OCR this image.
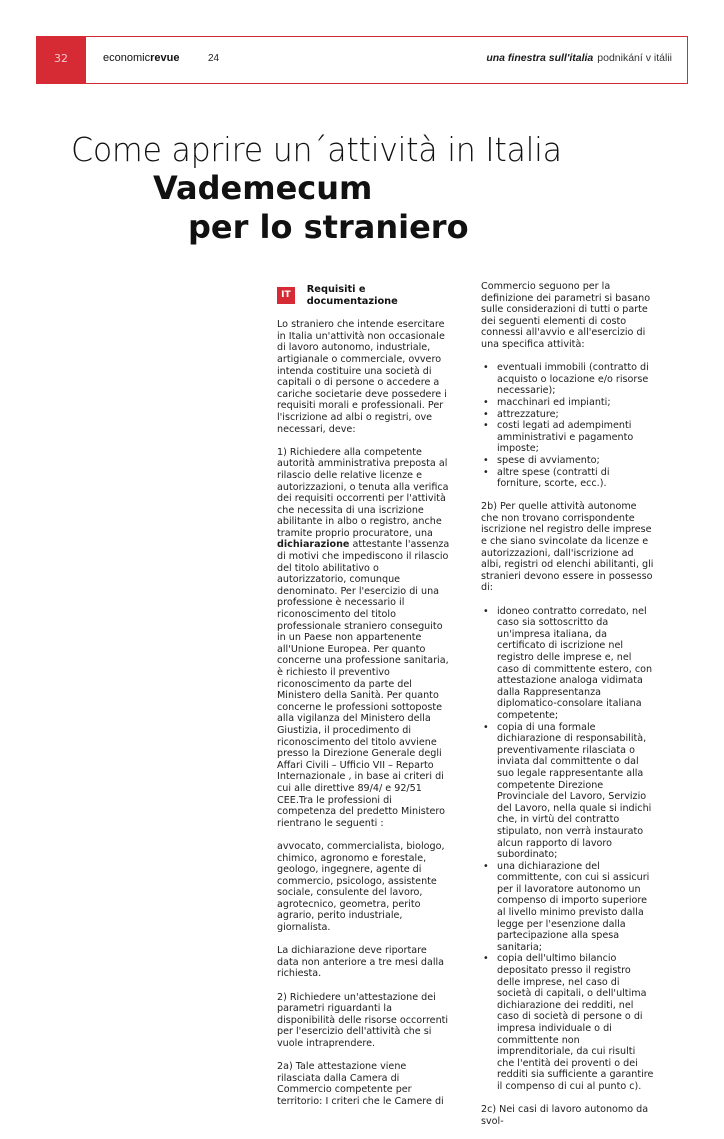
32	economicrevue	24	una finestra sull'italia podnikání v itálii
Come aprire un´attività in Italia
Vademecum
per lo straniero
IT
Requisiti e documentazione

Lo straniero che intende esercitare in Italia un'attività non occasionale di lavoro autonomo, industriale, artigianale o commerciale, ovvero intenda costituire una società di capitali o di persone o accedere a cariche societarie deve possedere i requisiti morali e professionali. Per l'iscrizione ad albi o registri, ove necessari, deve:

1) Richiedere alla competente autorità amministrativa preposta al rilascio delle relative licenze e autorizzazioni, o tenuta alla verifica dei requisiti occorrenti per l'attività che necessita di una iscrizione abilitante in albo o registro, anche tramite proprio procuratore, una dichiarazione attestante l'assenza di motivi che impediscono il rilascio del titolo abilitativo o autorizzatorio, comunque denominato. Per l'esercizio di una professione è necessario il riconoscimento del titolo professionale straniero conseguito in un Paese non appartenente all'Unione Europea. Per quanto concerne una professione sanitaria, è richiesto il preventivo riconoscimento da parte del Ministero della Sanità. Per quanto concerne le professioni sottoposte alla vigilanza del Ministero della Giustizia, il procedimento di riconoscimento del titolo avviene presso la Direzione Generale degli Affari Civili – Ufficio VII – Reparto Internazionale , in base ai criteri di cui alle direttive 89/4/ e 92/51 CEE.Tra le professioni di competenza del predetto Ministero rientrano le seguenti :

avvocato, commercialista, biologo, chimico, agronomo e forestale, geologo, ingegnere, agente di commercio, psicologo, assistente sociale, consulente del lavoro, agrotecnico, geometra, perito agrario, perito industriale, giornalista.

La dichiarazione deve riportare data non anteriore a tre mesi dalla richiesta.

2) Richiedere un'attestazione dei parametri riguardanti la disponibilità delle risorse occorrenti per l'esercizio dell'attività che si vuole intraprendere.

2a) Tale attestazione viene rilasciata dalla Camera di Commercio competente per territorio: I criteri che le Camere di

Commercio seguono per la definizione dei parametri si basano sulle considerazioni di tutti o parte dei seguenti elementi di costo connessi all'avvio e all'esercizio di una specifica attività:

• eventuali immobili (contratto di acquisto o locazione e/o risorse necessarie);
• macchinari ed impianti;
• attrezzature;
• costi legati ad adempimenti amministrativi e pagamento imposte;
• spese di avviamento;
• altre spese (contratti di forniture, scorte, ecc.).

2b) Per quelle attività autonome che non trovano corrispondente iscrizione nel registro delle imprese e che siano svincolate da licenze e autorizzazioni, dall'iscrizione ad albi, registri od elenchi abilitanti, gli stranieri devono essere in possesso di:

• idoneo contratto corredato, nel caso sia sottoscritto da un'impresa italiana, da certificato di iscrizione nel registro delle imprese e, nel caso di committente estero, con attestazione analoga vidimata dalla Rappresentanza diplomatico-consolare italiana competente;
• copia di una formale dichiarazione di responsabilità, preventivamente rilasciata o inviata dal committente o dal suo legale rappresentante alla competente Direzione Provinciale del Lavoro, Servizio del Lavoro, nella quale si indichi che, in virtù del contratto stipulato, non verrà instaurato alcun rapporto di lavoro subordinato;
• una dichiarazione del committente, con cui si assicuri per il lavoratore autonomo un compenso di importo superiore al livello minimo previsto dalla legge per l'esenzione dalla partecipazione alla spesa sanitaria;
• copia dell'ultimo bilancio depositato presso il registro delle imprese, nel caso di società di capitali, o dell'ultima dichiarazione dei redditi, nel caso di società di persone o di impresa individuale o di committente non imprenditoriale, da cui risulti che l'entità dei proventi o dei redditi sia sufficiente a garantire il compenso di cui al punto c).

2c) Nei casi di lavoro autonomo da svol-
